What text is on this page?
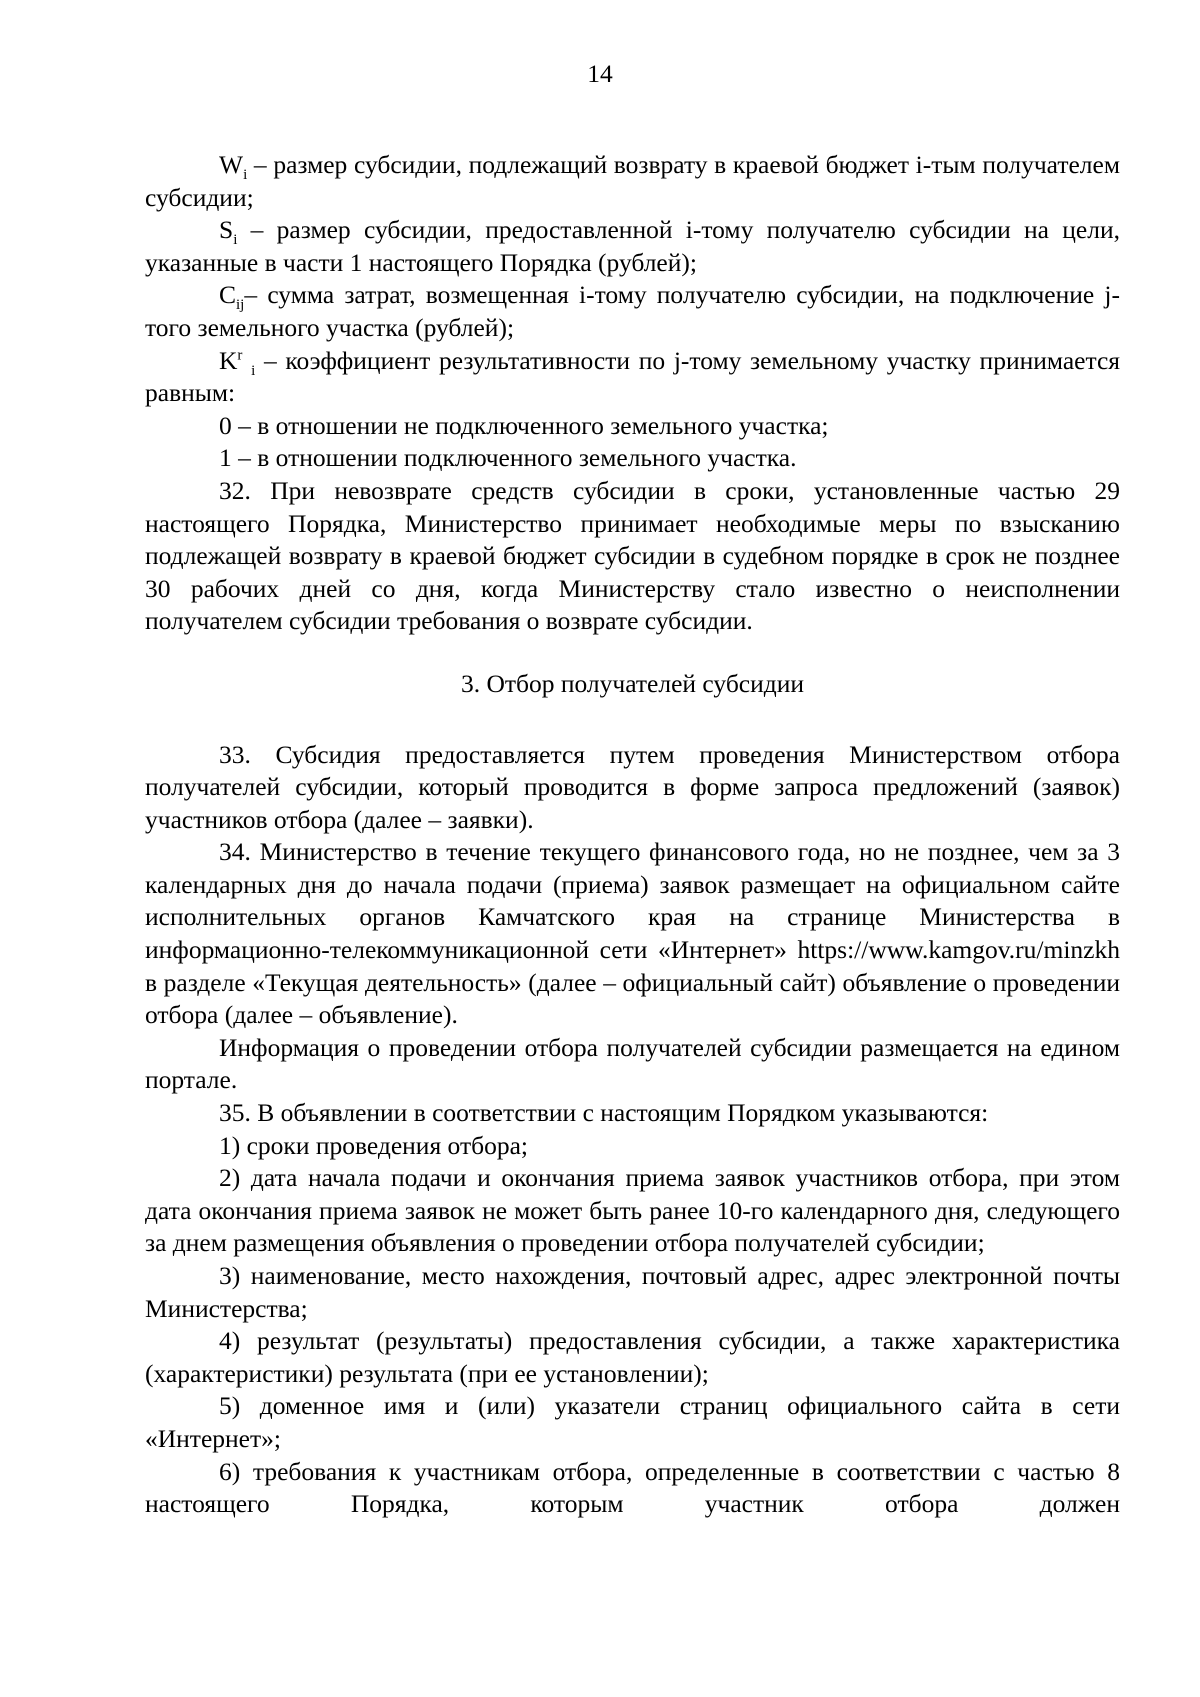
14

$W_i$ – размер субсидии, подлежащий возврату в краевой бюджет i-тым получателем субсидии;

$S_i$ – размер субсидии, предоставленной i-тому получателю субсидии на цели, указанные в части 1 настоящего Порядка (рублей);

$C_{ij}-$ сумма затрат, возмещенная i-тому получателю субсидии, на подключение j-того земельного участка (рублей);

$K^r$ $_i$ – коэффициент результативности по j-тому земельному участку принимается равным:

0 – в отношении не подключенного земельного участка;

1 – в отношении подключенного земельного участка.

32. При невозврате средств субсидии в сроки, установленные частью 29 настоящего Порядка, Министерство принимает необходимые меры по взысканию подлежащей возврату в краевой бюджет субсидии в судебном порядке в срок не позднее 30 рабочих дней со дня, когда Министерству стало известно о неисполнении получателем субсидии требования о возврате субсидии.

3. Отбор получателей субсидии

33. Субсидия предоставляется путем проведения Министерством отбора получателей субсидии, который проводится в форме запроса предложений (заявок) участников отбора (далее – заявки).

34. Министерство в течение текущего финансового года, но не позднее, чем за 3 календарных дня до начала подачи (приема) заявок размещает на официальном сайте исполнительных органов Камчатского края на странице Министерства в информационно-телекоммуникационной сети «Интернет» https://www.kamgov.ru/minzkh в разделе «Текущая деятельность» (далее – официальный сайт) объявление о проведении отбора (далее – объявление).

Информация о проведении отбора получателей субсидии размещается на едином портале.

35. В объявлении в соответствии с настоящим Порядком указываются:

1) сроки проведения отбора;

2) дата начала подачи и окончания приема заявок участников отбора, при этом дата окончания приема заявок не может быть ранее 10-го календарного дня, следующего за днем размещения объявления о проведении отбора получателей субсидии;

3) наименование, место нахождения, почтовый адрес, адрес электронной почты Министерства;

4) результат (результаты) предоставления субсидии, а также характеристика (характеристики) результата (при ее установлении);

5) доменное имя и (или) указатели страниц официального сайта в сети «Интернет»;

6) требования к участникам отбора, определенные в соответствии с частью 8 настоящего Порядка, которым участник отбора должен
